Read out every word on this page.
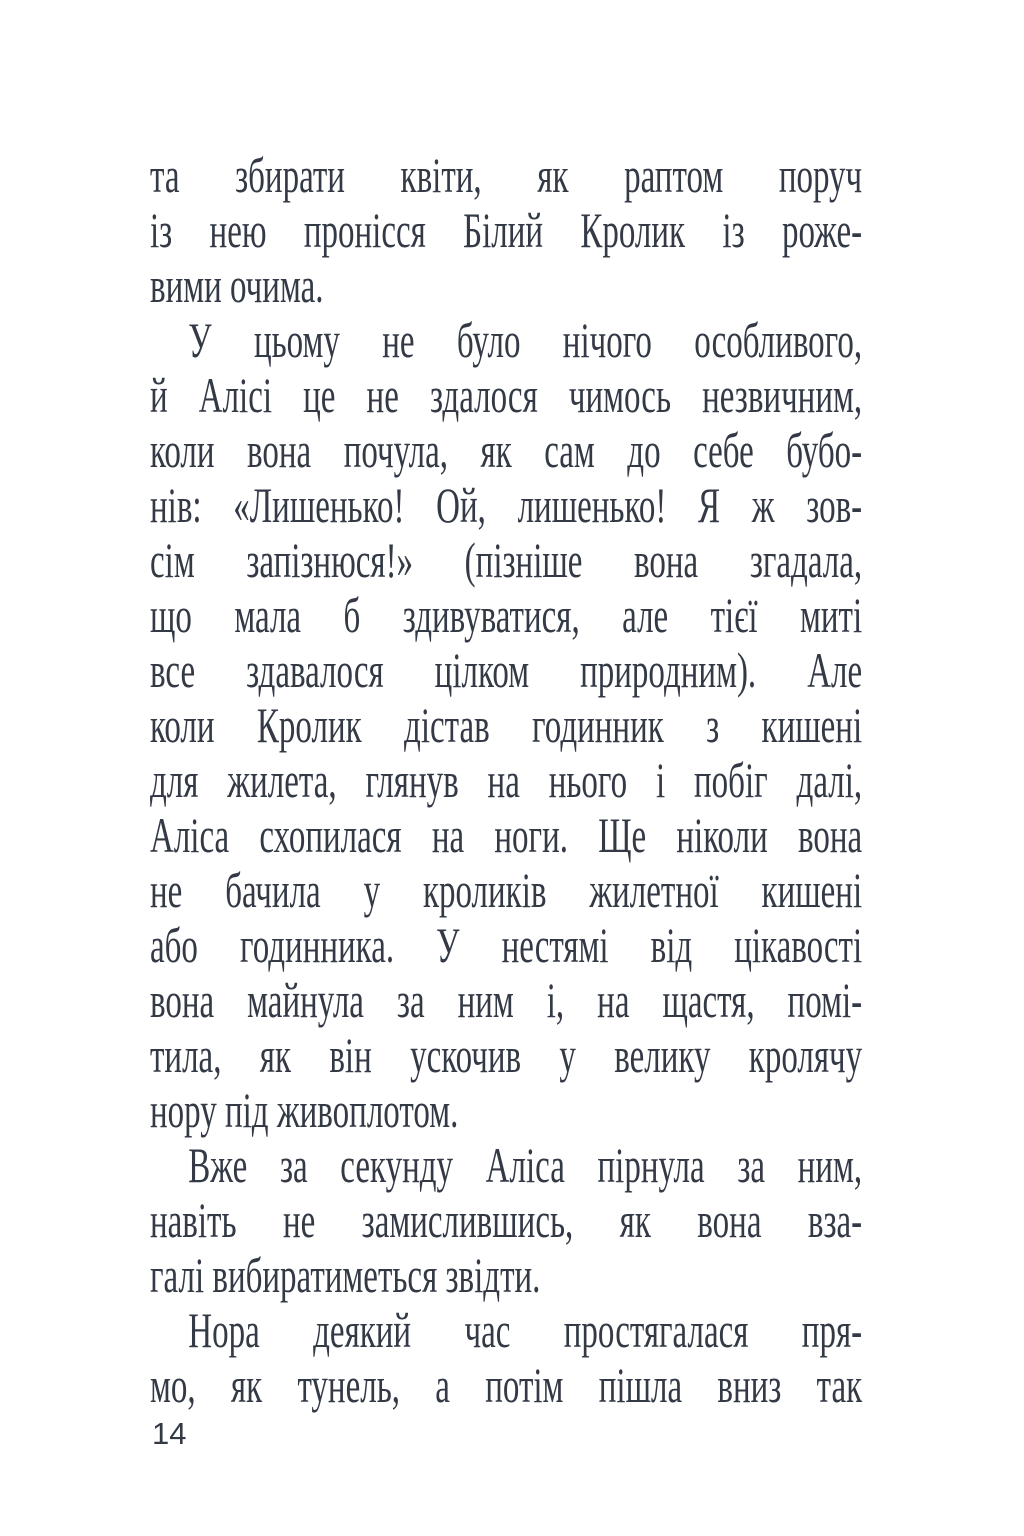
та збирати квіти, як раптом поруч
із нею пронісся Білий Кролик із роже-
вими очима.
У цьому не було нічого особливого,
й Алісі це не здалося чимось незвичним,
коли вона почула, як сам до себе бубо-
нів: «Лишенько! Ой, лишенько! Я ж зов-
сім запізнюся!» (пізніше вона згадала,
що мала б здивуватися, але тієї миті
все здавалося цілком природним). Але
коли Кролик дістав годинник з кишені
для жилета, глянув на нього і побіг далі,
Аліса схопилася на ноги. Ще ніколи вона
не бачила у кроликів жилетної кишені
або годинника. У нестямі від цікавості
вона майнула за ним і, на щастя, помі-
тила, як він ускочив у велику кролячу
нору під живоплотом.
Вже за секунду Аліса пірнула за ним,
навіть не замислившись, як вона вза-
галі вибиратиметься звідти.
Нора деякий час простягалася пря-
мо, як тунель, а потім пішла вниз так
14
